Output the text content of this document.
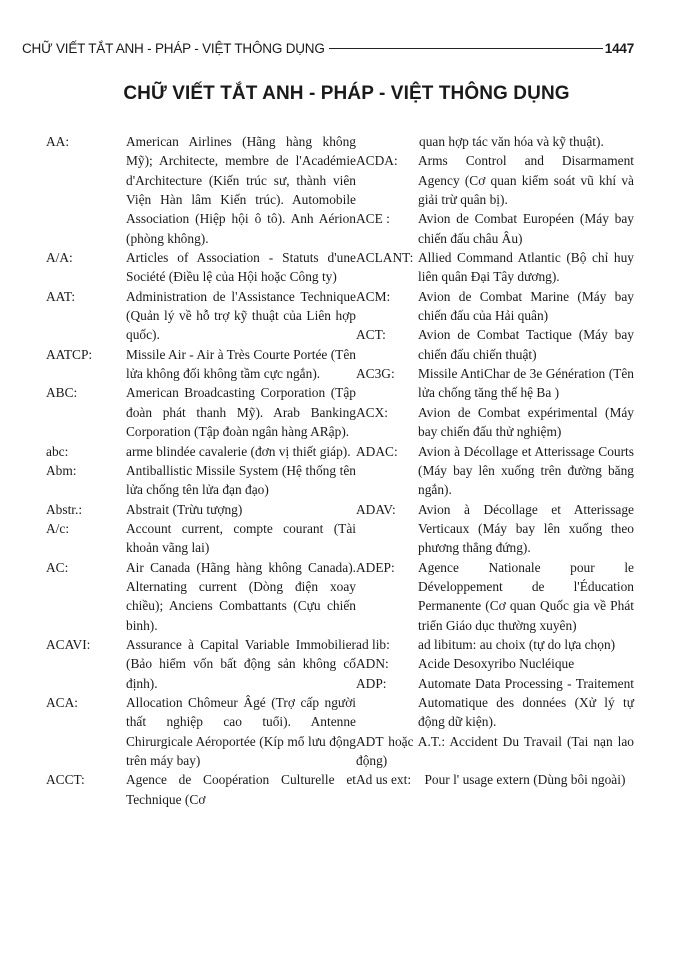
CHỮ VIẾT TẮT ANH - PHÁP - VIỆT THÔNG DỤNG	1447
CHỮ VIẾT TẮT ANH - PHÁP - VIỆT THÔNG DỤNG
AA:	American Airlines (Hãng hàng không Mỹ); Architecte, membre de l'Académie d'Architecture (Kiến trúc sư, thành viên Viện Hàn lâm Kiến trúc). Automobile Association (Hiệp hội ô tô). Anh Aérion (phòng không).
A/A:	Articles of Association - Statuts d'une Société (Điều lệ của Hội hoặc Công ty)
AAT:	Administration de l'Assistance Technique (Quản lý về hỗ trợ kỹ thuật của Liên hợp quốc).
AATCP:	Missile Air - Air à Très Courte Portée (Tên lửa không đối không tầm cực ngắn).
ABC:	American Broadcasting Corporation (Tập đoàn phát thanh Mỹ). Arab Banking Corporation (Tập đoàn ngân hàng ARập).
abc:	arme blindée cavalerie (đơn vị thiết giáp).
Abm:	Antiballistic Missile System (Hệ thống tên lửa chống tên lửa đạn đạo)
Abstr.:	Abstrait (Trừu tượng)
A/c:	Account current, compte courant (Tài khoản vãng lai)
AC:	Air Canada (Hãng hàng không Canada). Alternating current (Dòng điện xoay chiều); Anciens Combattants (Cựu chiến binh).
ACAVI:	Assurance à Capital Variable Immobilier (Bảo hiểm vốn bất động sản không cố định).
ACA:	Allocation Chômeur Âgé (Trợ cấp người thất nghiệp cao tuổi). Antenne Chirurgicale Aéroportée (Kíp mổ lưu động trên máy bay)
ACCT:	Agence de Coopération Culturelle et Technique (Cơ
quan hợp tác văn hóa và kỹ thuật).
ACDA:	Arms Control and Disarmament Agency (Cơ quan kiểm soát vũ khí và giải trừ quân bị).
ACE :	Avion de Combat Européen (Máy bay chiến đấu châu Âu)
ACLANT: Allied Command Atlantic (Bộ chỉ huy liên quân Đại Tây dương).
ACM:	Avion de Combat Marine (Máy bay chiến đấu của Hải quân)
ACT:	Avion de Combat Tactique (Máy bay chiến đấu chiến thuật)
AC3G:	Missile AntiChar de 3e Génération (Tên lửa chống tăng thế hệ Ba )
ACX:	Avion de Combat expérimental (Máy bay chiến đấu thử nghiệm)
ADAC:	Avion à Décollage et Atterissage Courts (Máy bay lên xuống trên đường băng ngắn).
ADAV:	Avion à Décollage et Atterissage Verticaux (Máy bay lên xuống theo phương thẳng đứng).
ADEP:	Agence Nationale pour le Développement de l'Éducation Permanente (Cơ quan Quốc gia về Phát triển Giáo dục thường xuyên)
ad lib:	ad libitum: au choix (tự do lựa chọn)
ADN:	Acide Desoxyribo Nucléique
ADP:	Automate Data Processing - Traitement Automatique des données (Xử lý tự động dữ kiện).
ADT hoặc A.T.: Accident Du Travail (Tai nạn lao động)
Ad us ext: Pour l' usage extern (Dùng bôi ngoài)
